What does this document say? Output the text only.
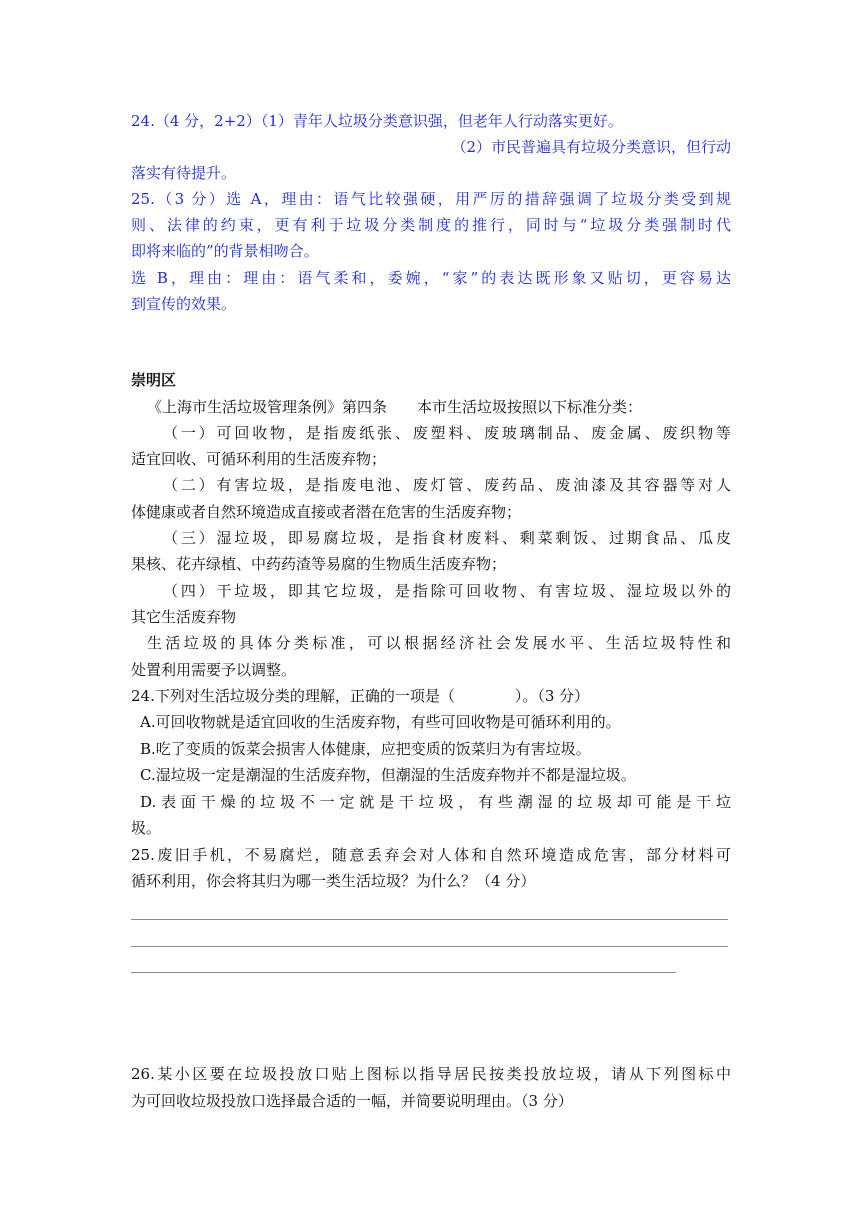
24.（4 分，2+2）（1）青年人垃圾分类意识强，但老年人行动落实更好。
（2）市民普遍具有垃圾分类意识，但行动
落实有待提升。
25.（3 分）选 A，理由：语气比较强硬，用严厉的措辞强调了垃圾分类受到规
则、法律的约束，更有利于垃圾分类制度的推行，同时与“垃圾分类强制时代
即将来临的”的背景相吻合。
选 B，理由：理由：语气柔和，委婉，“家”的表达既形象又贴切，更容易达
到宣传的效果。
崇明区
《上海市生活垃圾管理条例》第四条　　本市生活垃圾按照以下标准分类：
（一）可回收物，是指废纸张、废塑料、废玻璃制品、废金属、废织物等
适宜回收、可循环利用的生活废弃物；
（二）有害垃圾，是指废电池、废灯管、废药品、废油漆及其容器等对人
体健康或者自然环境造成直接或者潜在危害的生活废弃物；
（三）湿垃圾，即易腐垃圾，是指食材废料、剩菜剩饭、过期食品、瓜皮
果核、花卉绿植、中药药渣等易腐的生物质生活废弃物；
（四）干垃圾，即其它垃圾，是指除可回收物、有害垃圾、湿垃圾以外的
其它生活废弃物
生活垃圾的具体分类标准，可以根据经济社会发展水平、生活垃圾特性和
处置利用需要予以调整。
24.下列对生活垃圾分类的理解，正确的一项是（　　　　）。（3 分）
A.可回收物就是适宜回收的生活废弃物，有些可回收物是可循环利用的。
B.吃了变质的饭菜会损害人体健康，应把变质的饭菜归为有害垃圾。
C.湿垃圾一定是潮湿的生活废弃物，但潮湿的生活废弃物并不都是湿垃圾。
D.表面干燥的垃圾不一定就是干垃圾，有些潮湿的垃圾却可能是干垃
圾。
25.废旧手机，不易腐烂，随意丢弃会对人体和自然环境造成危害，部分材料可
循环利用，你会将其归为哪一类生活垃圾？为什么？（4 分）
26.某小区要在垃圾投放口贴上图标以指导居民按类投放垃圾，请从下列图标中
为可回收垃圾投放口选择最合适的一幅，并简要说明理由。（3 分）
